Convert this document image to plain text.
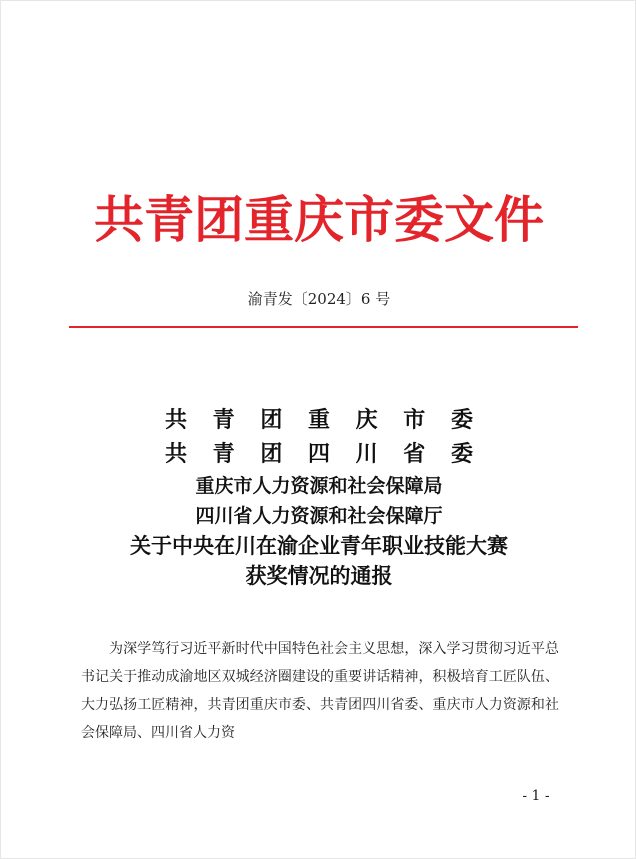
共青团重庆市委文件
渝青发〔2024〕6 号
共 青 团 重 庆 市 委
共 青 团 四 川 省 委
重庆市人力资源和社会保障局
四川省人力资源和社会保障厅
关于中央在川在渝企业青年职业技能大赛
获奖情况的通报

为深学笃行习近平新时代中国特色社会主义思想，深入学习贯彻习近平总书记关于推动成渝地区双城经济圈建设的重要讲话精神，积极培育工匠队伍、大力弘扬工匠精神，共青团重庆市委、共青团四川省委、重庆市人力资源和社会保障局、四川省人力资

- 1 -
